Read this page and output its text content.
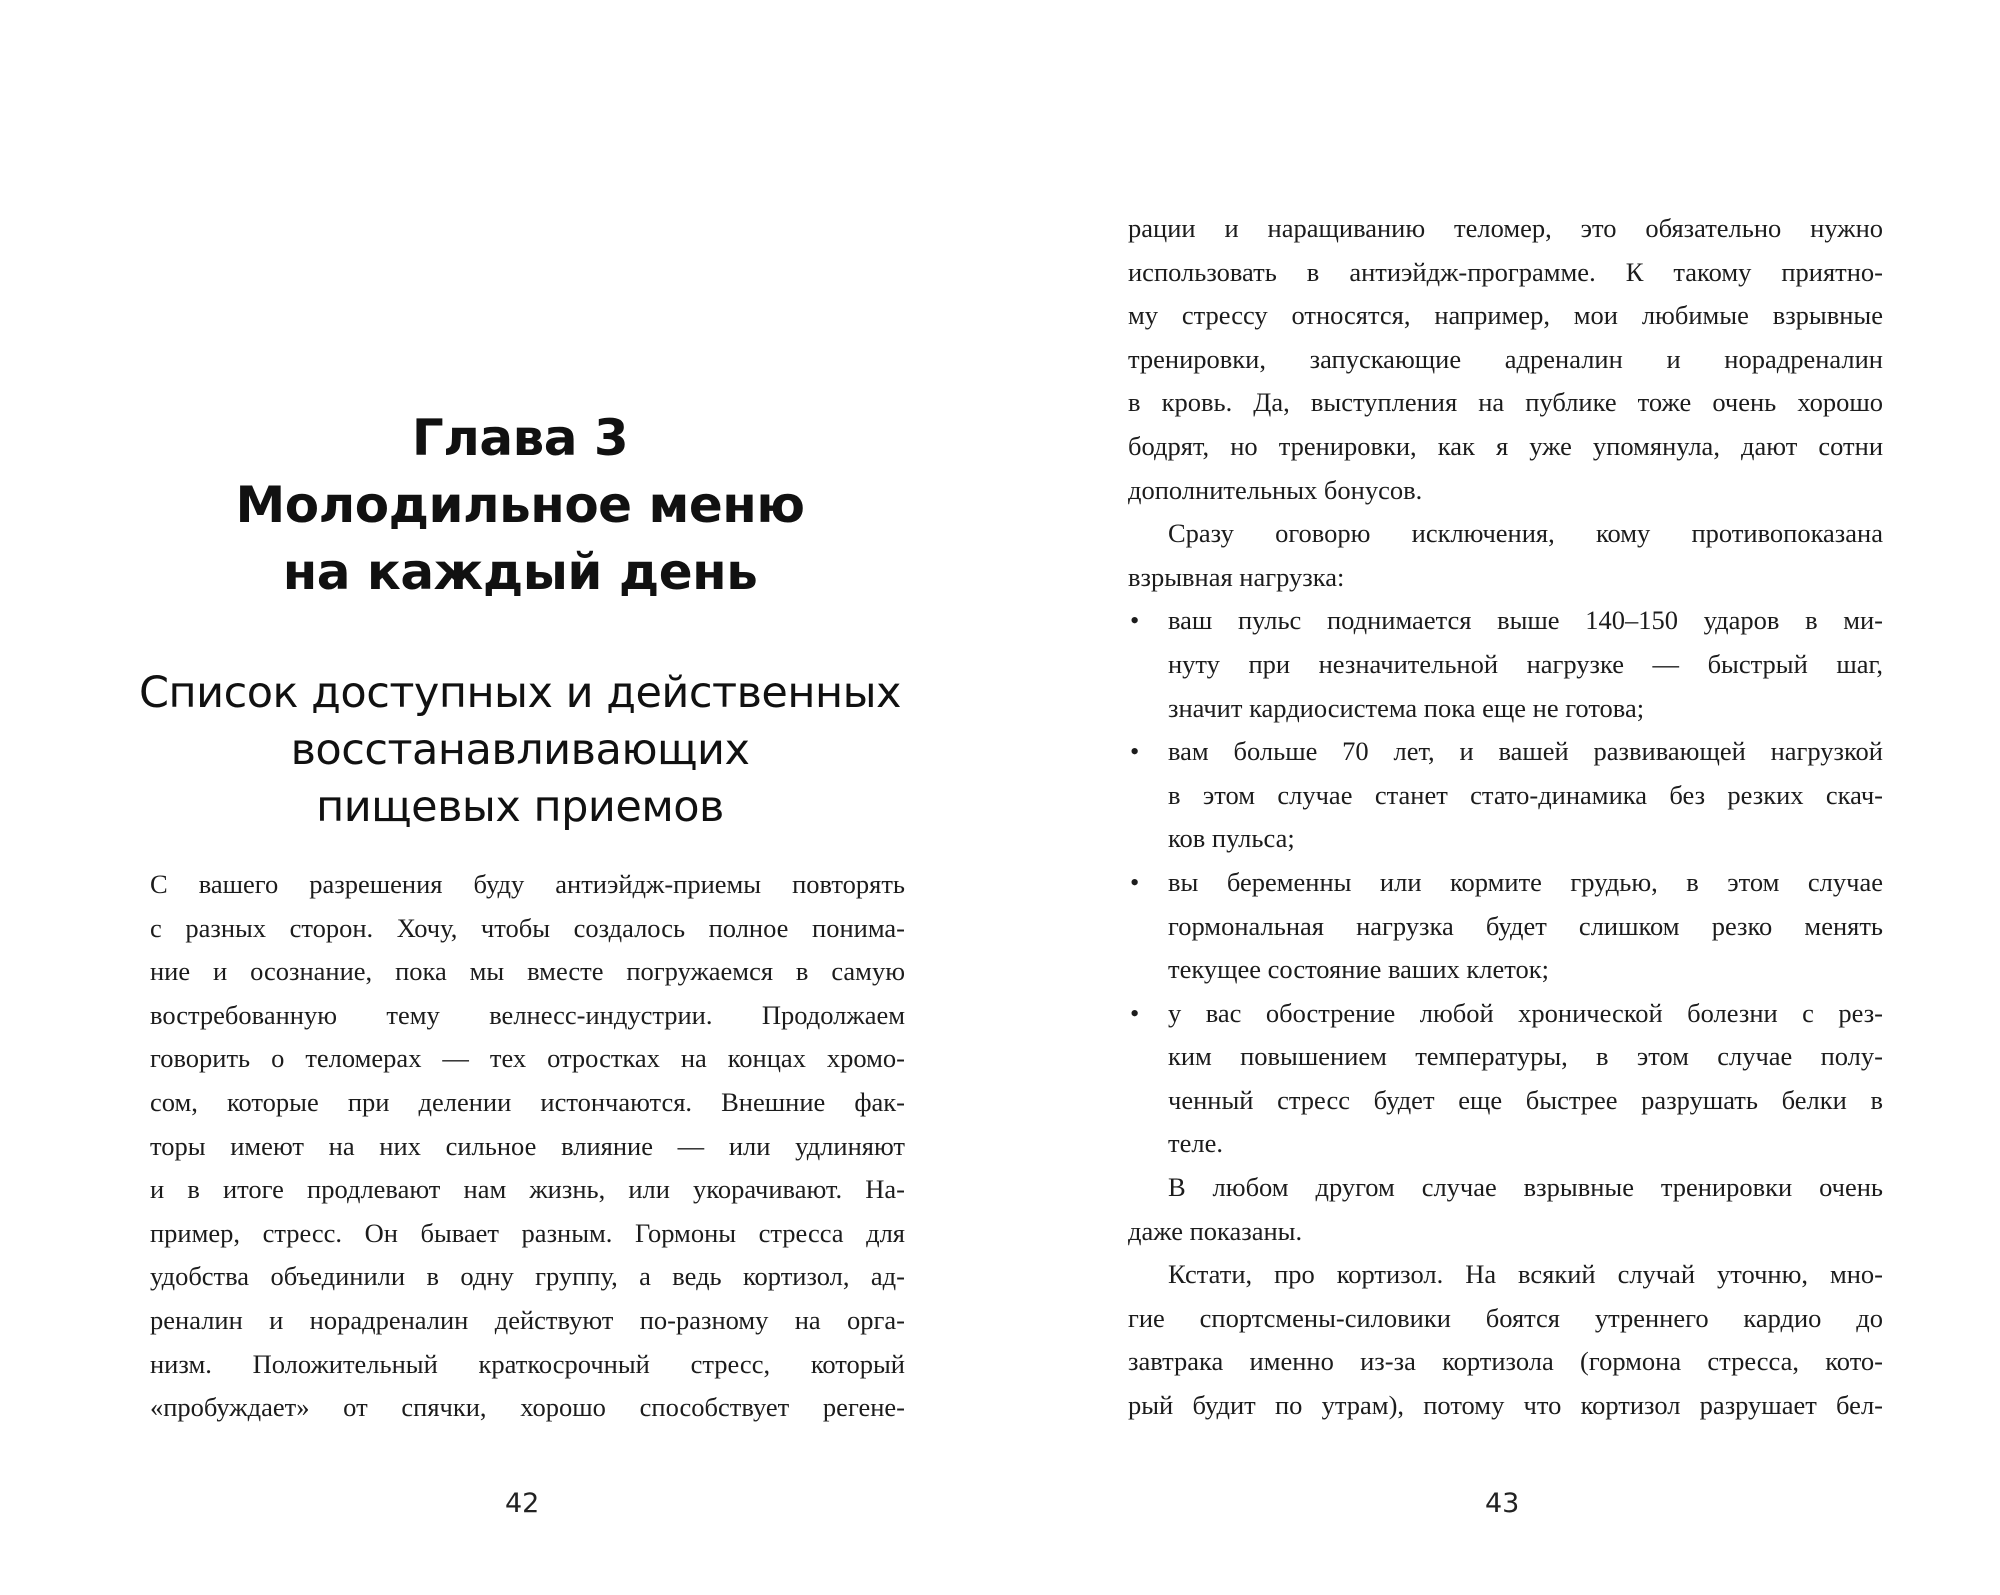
Глава 3
Молодильное меню
на каждый день
Список доступных и действенных
восстанавливающих
пищевых приемов
С вашего разрешения буду антиэйдж-приемы повторять
с разных сторон. Хочу, чтобы создалось полное понима-
ние и осознание, пока мы вместе погружаемся в самую
востребованную тему велнесс-индустрии. Продолжаем
говорить о теломерах — тех отростках на концах хромо-
сом, которые при делении истончаются. Внешние фак-
торы имеют на них сильное влияние — или удлиняют
и в итоге продлевают нам жизнь, или укорачивают. На-
пример, стресс. Он бывает разным. Гормоны стресса для
удобства объединили в одну группу, а ведь кортизол, ад-
реналин и норадреналин действуют по-разному на орга-
низм. Положительный краткосрочный стресс, который
«пробуждает» от спячки, хорошо способствует регене-
42
рации и наращиванию теломер, это обязательно нужно
использовать в антиэйдж-программе. К такому приятно-
му стрессу относятся, например, мои любимые взрывные
тренировки, запускающие адреналин и норадреналин
в кровь. Да, выступления на публике тоже очень хорошо
бодрят, но тренировки, как я уже упомянула, дают сотни
дополнительных бонусов.
Сразу оговорю исключения, кому противопоказана
взрывная нагрузка:
• ваш пульс поднимается выше 140–150 ударов в ми-
нуту при незначительной нагрузке — быстрый шаг,
значит кардиосистема пока еще не готова;
• вам больше 70 лет, и вашей развивающей нагрузкой
в этом случае станет стато-динамика без резких скач-
ков пульса;
• вы беременны или кормите грудью, в этом случае
гормональная нагрузка будет слишком резко менять
текущее состояние ваших клеток;
• у вас обострение любой хронической болезни с рез-
ким повышением температуры, в этом случае полу-
ченный стресс будет еще быстрее разрушать белки в
теле.
В любом другом случае взрывные тренировки очень
даже показаны.
Кстати, про кортизол. На всякий случай уточню, мно-
гие спортсмены-силовики боятся утреннего кардио до
завтрака именно из-за кортизола (гормона стресса, кото-
рый будит по утрам), потому что кортизол разрушает бел-
43
